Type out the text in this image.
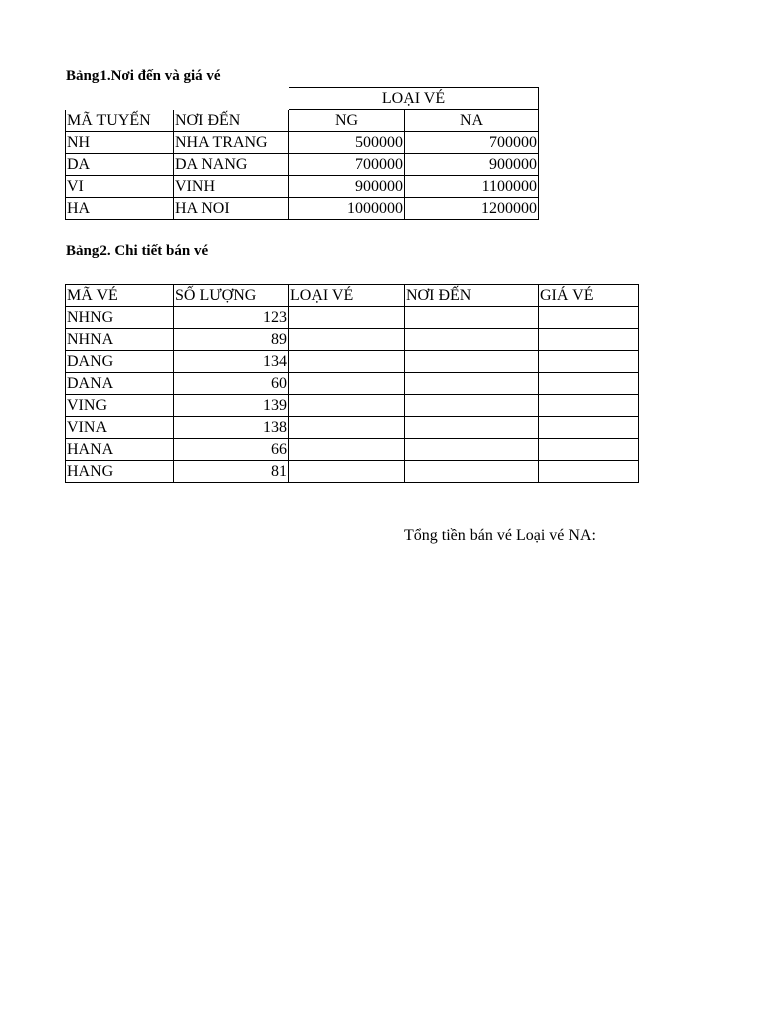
Bảng1.Nơi đến và giá vé
		LOẠI VÉ	
MÃ TUYẾN	NƠI ĐẾN	NG	NA
NH	NHA TRANG	500000	700000
DA	DA NANG	700000	900000
VI	VINH	900000	1100000
HA	HA NOI	1000000	1200000
Bảng2. Chi tiết bán vé
MÃ VÉ	SỐ LƯỢNG	LOẠI VÉ	NƠI ĐẾN	GIÁ VÉ
NHNG	123			
NHNA	89			
DANG	134			
DANA	60			
VING	139			
VINA	138			
HANA	66			
HANG	81			
Tổng tiền bán vé Loại vé NA:
